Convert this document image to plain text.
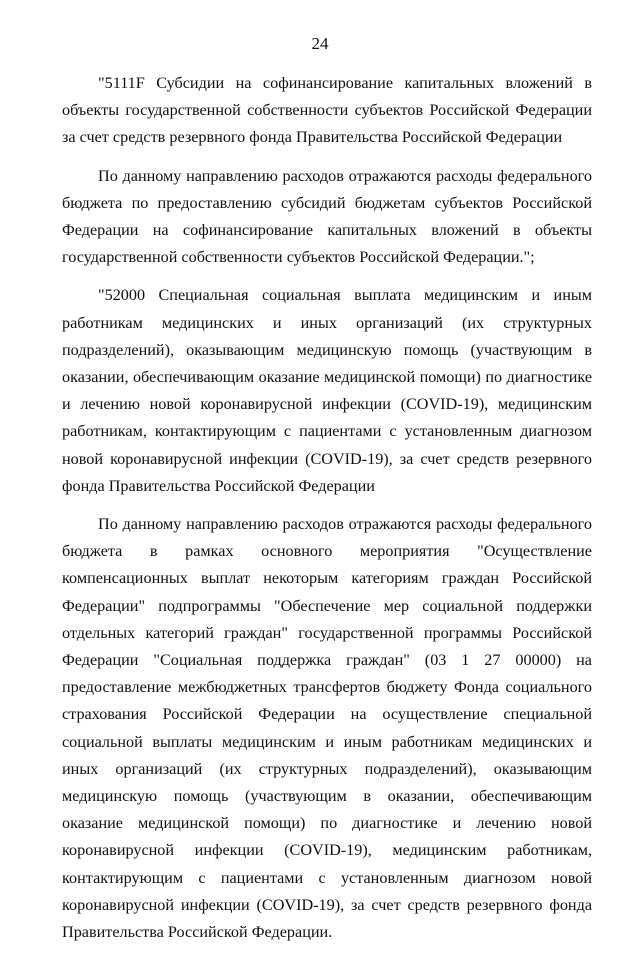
24

"5111F Субсидии на софинансирование капитальных вложений в объекты государственной собственности субъектов Российской Федерации за счет средств резервного фонда Правительства Российской Федерации

По данному направлению расходов отражаются расходы федерального бюджета по предоставлению субсидий бюджетам субъектов Российской Федерации на софинансирование капитальных вложений в объекты государственной собственности субъектов Российской Федерации.";

"52000 Специальная социальная выплата медицинским и иным работникам медицинских и иных организаций (их структурных подразделений), оказывающим медицинскую помощь (участвующим в оказании, обеспечивающим оказание медицинской помощи) по диагностике и лечению новой коронавирусной инфекции (COVID-19), медицинским работникам, контактирующим с пациентами с установленным диагнозом новой коронавирусной инфекции (COVID-19), за счет средств резервного фонда Правительства Российской Федерации

По данному направлению расходов отражаются расходы федерального бюджета в рамках основного мероприятия "Осуществление компенсационных выплат некоторым категориям граждан Российской Федерации" подпрограммы "Обеспечение мер социальной поддержки отдельных категорий граждан" государственной программы Российской Федерации "Социальная поддержка граждан" (03 1 27 00000) на предоставление межбюджетных трансфертов бюджету Фонда социального страхования Российской Федерации на осуществление специальной социальной выплаты медицинским и иным работникам медицинских и иных организаций (их структурных подразделений), оказывающим медицинскую помощь (участвующим в оказании, обеспечивающим оказание медицинской помощи) по диагностике и лечению новой коронавирусной инфекции (COVID-19), медицинским работникам, контактирующим с пациентами с установленным диагнозом новой коронавирусной инфекции (COVID-19), за счет средств резервного фонда Правительства Российской Федерации.
